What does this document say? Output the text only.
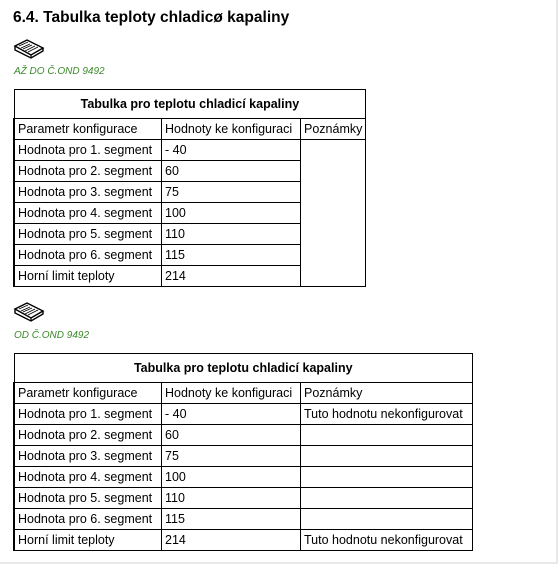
6.4. Tabulka teploty chladicø kapaliny
AŽ DO Č.OND 9492
Tabulka pro teplotu chladicí kapaliny		
Parametr konfigurace	Hodnoty ke konfiguraci	Poznámky
Hodnota pro 1. segment	- 40	
Hodnota pro 2. segment	60	
Hodnota pro 3. segment	75	
Hodnota pro 4. segment	100	
Hodnota pro 5. segment	110	
Hodnota pro 6. segment	115	
Horní limit teploty	214	
OD Č.OND 9492
Tabulka pro teplotu chladicí kapaliny		
Parametr konfigurace	Hodnoty ke konfiguraci	Poznámky
Hodnota pro 1. segment	- 40	Tuto hodnotu nekonfigurovat
Hodnota pro 2. segment	60	
Hodnota pro 3. segment	75	
Hodnota pro 4. segment	100	
Hodnota pro 5. segment	110	
Hodnota pro 6. segment	115	
Horní limit teploty	214	Tuto hodnotu nekonfigurovat
